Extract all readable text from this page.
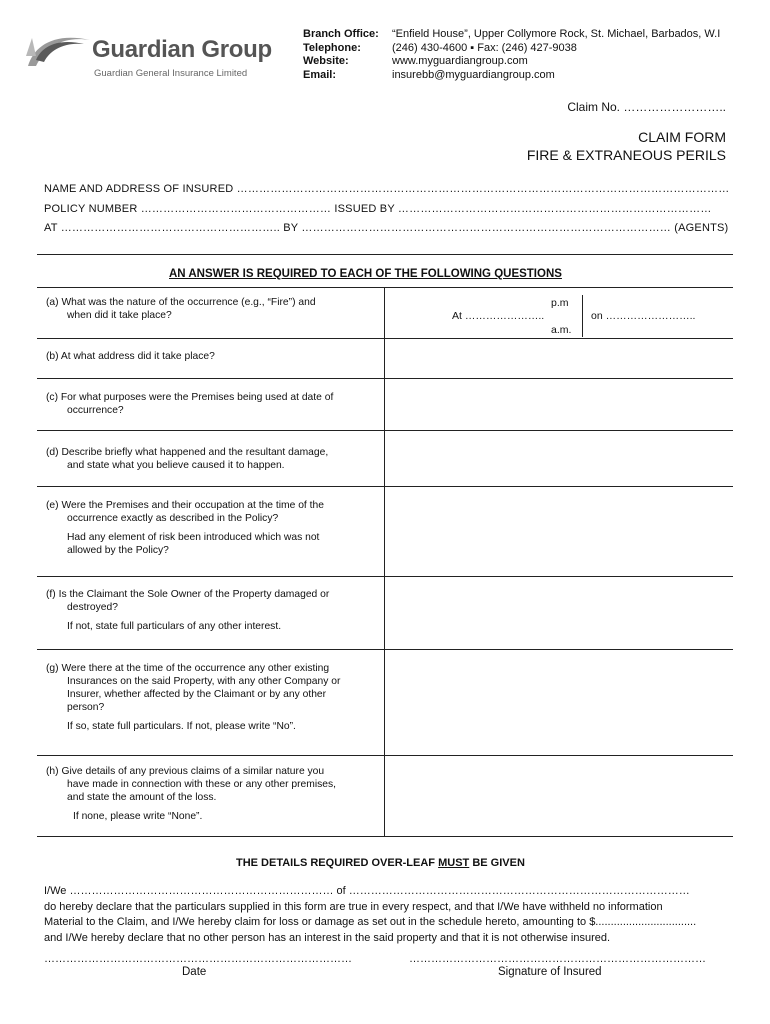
Guardian Group
Guardian General Insurance Limited
Branch Office:
Telephone:
Website:
Email:
“Enfield House”, Upper Collymore Rock, St. Michael, Barbados, W.I
(246) 430-4600 ▪ Fax: (246) 427-9038
www.myguardiangroup.com
insurebb@myguardiangroup.com
Claim No. ……………………..
CLAIM FORM
FIRE & EXTRANEOUS PERILS
NAME AND ADDRESS OF INSURED ……………………………………………………………………………………………………………………
POLICY NUMBER …………………………………………… ISSUED BY …………………………………………………………………………
AT ………………………………………………….. BY ……………………………………………………………………………………… (AGENTS)
AN ANSWER IS REQUIRED TO EACH OF THE FOLLOWING QUESTIONS
(a) What was the nature of the occurrence (e.g., “Fire”) and
when did it take place?
p.m
At …………………..
a.m.
on ……………………..
(b) At what address did it take place?
(c) For what purposes were the Premises being used at date of
occurrence?
(d) Describe briefly what happened and the resultant damage,
and state what you believe caused it to happen.
(e) Were the Premises and their occupation at the time of the
occurrence exactly as described in the Policy?
Had any element of risk been introduced which was not
allowed by the Policy?
(f) Is the Claimant the Sole Owner of the Property damaged or
destroyed?
If not, state full particulars of any other interest.
(g) Were there at the time of the occurrence any other existing
Insurances on the said Property, with any other Company or
Insurer, whether affected by the Claimant or by any other
person?
If so, state full particulars. If not, please write “No”.
(h) Give details of any previous claims of a similar nature you
have made in connection with these or any other premises,
and state the amount of the loss.
If none, please write “None”.
THE DETAILS REQUIRED OVER-LEAF MUST BE GIVEN
I/We ……………………………………………………………… of …………………………………………………………………………………
do hereby declare that the particulars supplied in this form are true in every respect, and that I/We have withheld no information
Material to the Claim, and I/We hereby claim for loss or damage as set out in the schedule hereto, amounting to $.................................
and I/We hereby declare that no other person has an interest in the said property and that it is not otherwise insured.
…………………………………………………………………………
Date
………………………………………………………………………
Signature of Insured
